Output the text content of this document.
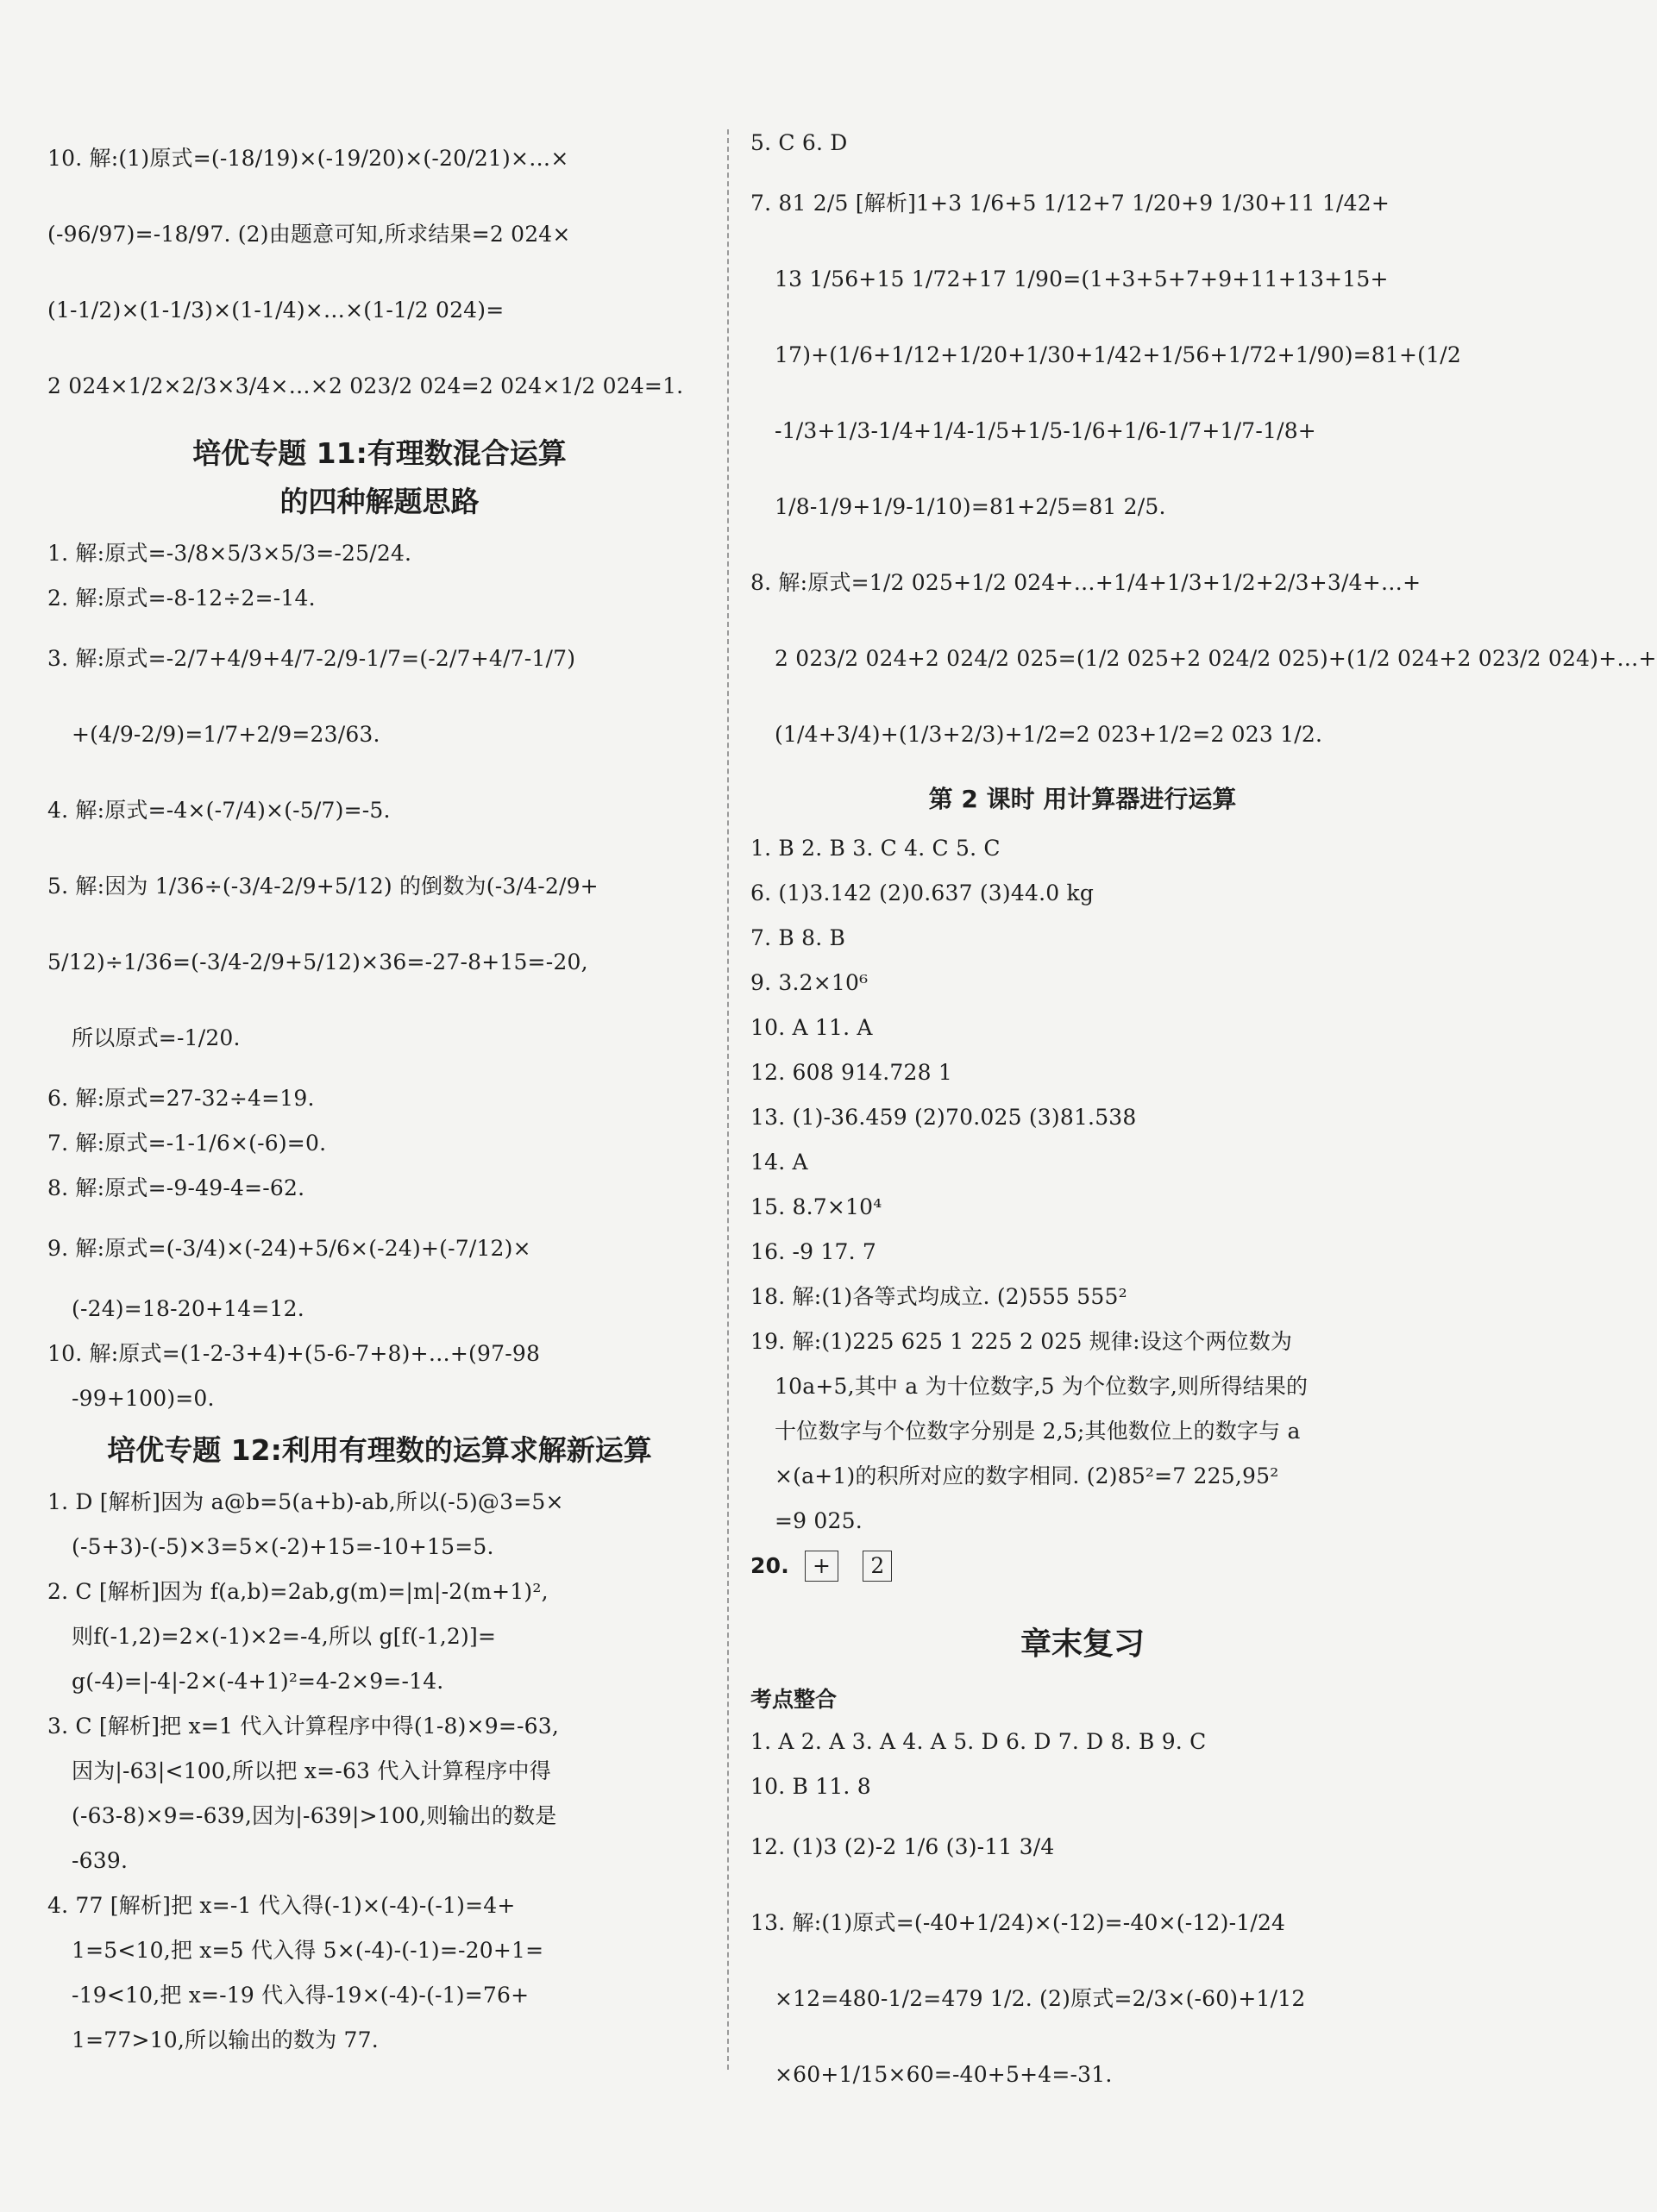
10. 解:(1)原式=(-18/19)×(-19/20)×(-20/21)×…×
(-96/97)=-18/97. (2)由题意可知,所求结果=2 024×
(1-1/2)×(1-1/3)×(1-1/4)×…×(1-1/2 024)=
2 024×1/2×2/3×3/4×…×2 023/2 024=2 024×1/2 024=1.
培优专题 11:有理数混合运算
的四种解题思路
1. 解:原式=-3/8×5/3×5/3=-25/24.
2. 解:原式=-8-12÷2=-14.
3. 解:原式=-2/7+4/9+4/7-2/9-1/7=(-2/7+4/7-1/7)
+(4/9-2/9)=1/7+2/9=23/63.
4. 解:原式=-4×(-7/4)×(-5/7)=-5.
5. 解:因为 1/36÷(-3/4-2/9+5/12) 的倒数为(-3/4-2/9+
5/12)÷1/36=(-3/4-2/9+5/12)×36=-27-8+15=-20,
所以原式=-1/20.
6. 解:原式=27-32÷4=19.
7. 解:原式=-1-1/6×(-6)=0.
8. 解:原式=-9-49-4=-62.
9. 解:原式=(-3/4)×(-24)+5/6×(-24)+(-7/12)×
(-24)=18-20+14=12.
10. 解:原式=(1-2-3+4)+(5-6-7+8)+…+(97-98
-99+100)=0.
培优专题 12:利用有理数的运算求解新运算
1. D [解析]因为 a@b=5(a+b)-ab,所以(-5)@3=5×
(-5+3)-(-5)×3=5×(-2)+15=-10+15=5.
2. C [解析]因为 f(a,b)=2ab,g(m)=|m|-2(m+1)²,
则f(-1,2)=2×(-1)×2=-4,所以 g[f(-1,2)]=
g(-4)=|-4|-2×(-4+1)²=4-2×9=-14.
3. C [解析]把 x=1 代入计算程序中得(1-8)×9=-63,
因为|-63|<100,所以把 x=-63 代入计算程序中得
(-63-8)×9=-639,因为|-639|>100,则输出的数是
-639.
4. 77 [解析]把 x=-1 代入得(-1)×(-4)-(-1)=4+
1=5<10,把 x=5 代入得 5×(-4)-(-1)=-20+1=
-19<10,把 x=-19 代入得-19×(-4)-(-1)=76+
1=77>10,所以输出的数为 77.
5. C 6. D
7. 81 2/5 [解析]1+3 1/6+5 1/12+7 1/20+9 1/30+11 1/42+
13 1/56+15 1/72+17 1/90=(1+3+5+7+9+11+13+15+
17)+(1/6+1/12+1/20+1/30+1/42+1/56+1/72+1/90)=81+(1/2
-1/3+1/3-1/4+1/4-1/5+1/5-1/6+1/6-1/7+1/7-1/8+
1/8-1/9+1/9-1/10)=81+2/5=81 2/5.
8. 解:原式=1/2 025+1/2 024+…+1/4+1/3+1/2+2/3+3/4+…+
2 023/2 024+2 024/2 025=(1/2 025+2 024/2 025)+(1/2 024+2 023/2 024)+…+
(1/4+3/4)+(1/3+2/3)+1/2=2 023+1/2=2 023 1/2.
第 2 课时 用计算器进行运算
1. B 2. B 3. C 4. C 5. C
6. (1)3.142 (2)0.637 (3)44.0 kg
7. B 8. B
9. 3.2×10⁶
10. A 11. A
12. 608 914.728 1
13. (1)-36.459 (2)70.025 (3)81.538
14. A
15. 8.7×10⁴
16. -9 17. 7
18. 解:(1)各等式均成立. (2)555 555²
19. 解:(1)225 625 1 225 2 025 规律:设这个两位数为
10a+5,其中 a 为十位数字,5 为个位数字,则所得结果的
十位数字与个位数字分别是 2,5;其他数位上的数字与 a
×(a+1)的积所对应的数字相同. (2)85²=7 225,95²
=9 025.
20. + 2
章末复习
考点整合
1. A 2. A 3. A 4. A 5. D 6. D 7. D 8. B 9. C
10. B 11. 8
12. (1)3 (2)-2 1/6 (3)-11 3/4
13. 解:(1)原式=(-40+1/24)×(-12)=-40×(-12)-1/24
×12=480-1/2=479 1/2. (2)原式=2/3×(-60)+1/12
×60+1/15×60=-40+5+4=-31.
